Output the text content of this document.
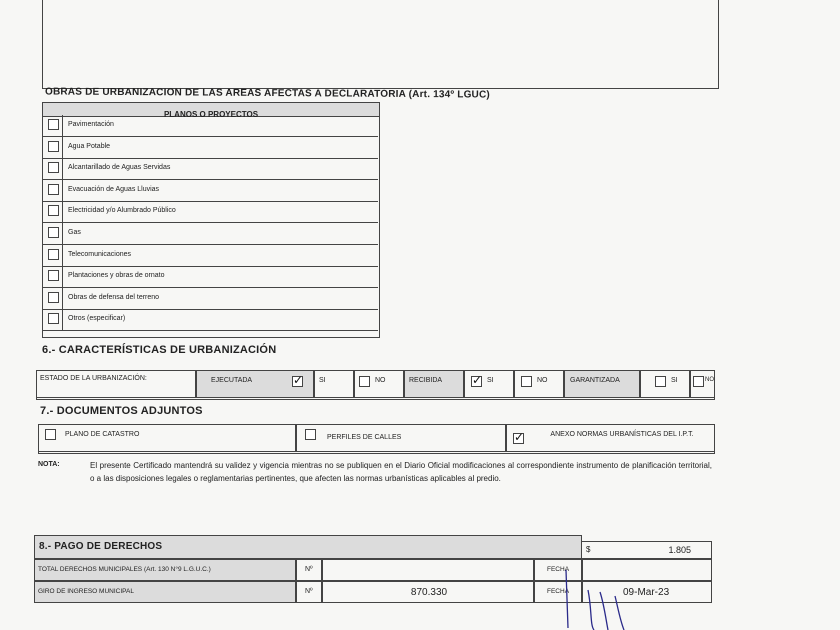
OBRAS DE URBANIZACION DE LAS AREAS AFECTAS A DECLARATORIA (Art. 134º LGUC)
PLANOS O PROYECTOS
Pavimentación
Agua Potable
Alcantarillado de Aguas Servidas
Evacuación de Aguas Lluvias
Electricidad y/o Alumbrado Público
Gas
Telecomunicaciones
Plantaciones y obras de ornato
Obras de defensa del terreno
Otros (especificar)
6.- CARACTERÍSTICAS DE URBANIZACIÓN
ESTADO DE LA URBANIZACIÓN:	EJECUTADA ✓	SI	NO	RECIBIDA ✓	SI	NO	GARANTIZADA	SI	NO
7.- DOCUMENTOS ADJUNTOS
PLANO DE CATASTRO	PERFILES DE CALLES ✓	ANEXO NORMAS URBANÍSTICAS DEL I.P.T.
NOTA:	El presente Certificado mantendrá su validez y vigencia mientras no se publiquen en el Diario Oficial modificaciones al correspondiente instrumento de planificación territorial, o a las disposiciones legales o reglamentarias pertinentes, que afecten las normas urbanísticas aplicables al predio.
8.- PAGO DE DERECHOS	$	1.805
TOTAL DERECHOS MUNICIPALES (Art. 130 N°9 L.G.U.C.)	Nº	FECHA
GIRO DE INGRESO MUNICIPAL	Nº	870.330	FECHA	09-Mar-23
